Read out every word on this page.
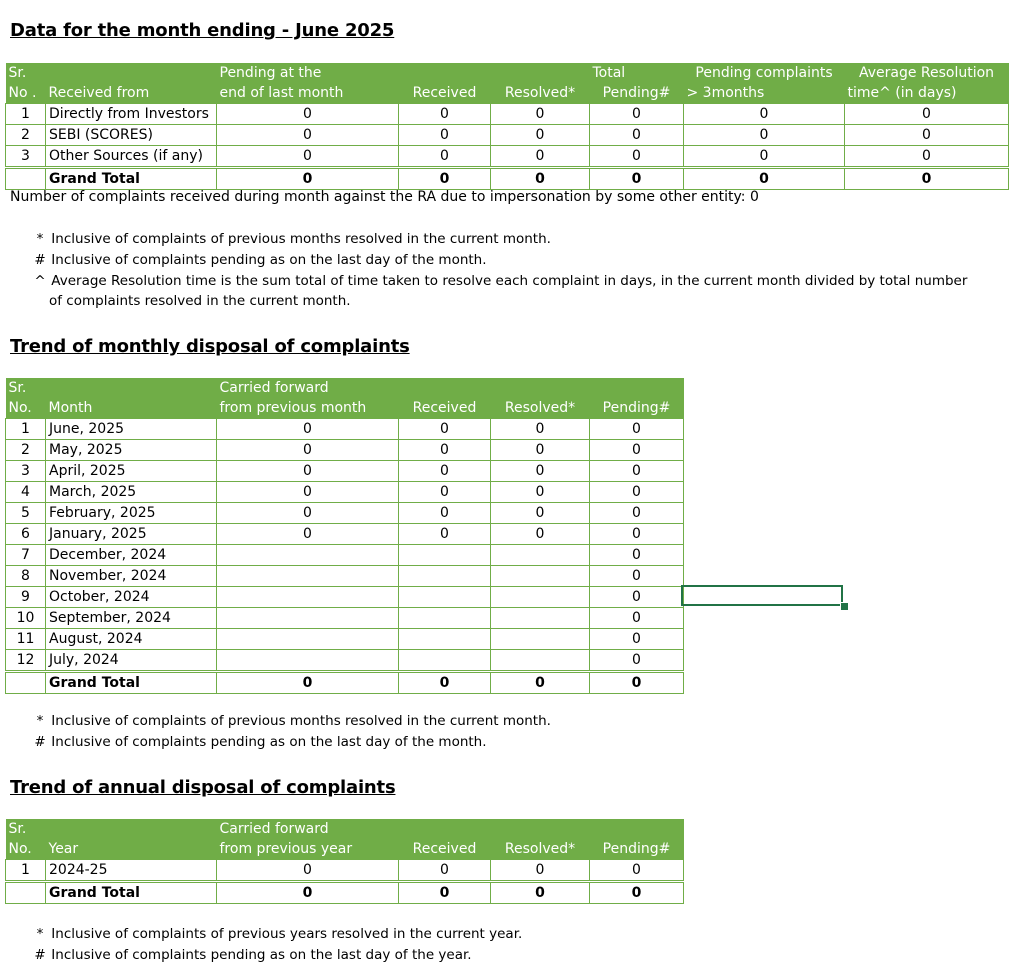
Data for the month ending - June 2025
Sr.		Pending at the			Total	Pending complaints	Average Resolution
No .	Received from	end of last month	Received	Resolved*	Pending#	> 3months	time^ (in days)
1	Directly from Investors	0	0	0	0	0	0
2	SEBI (SCORES)	0	0	0	0	0	0
3	Other Sources (if any)	0	0	0	0	0	0
	Grand Total	0	0	0	0	0	0
Number of complaints received during month against the RA due to impersonation by some other entity: 0
* Inclusive of complaints of previous months resolved in the current month.
# Inclusive of complaints pending as on the last day of the month.
^ Average Resolution time is the sum total of time taken to resolve each complaint in days, in the current month divided by total number
of complaints resolved in the current month.
Trend of monthly disposal of complaints
Sr.		Carried forward			
No.	Month	from previous month	Received	Resolved*	Pending#
1	June, 2025	0	0	0	0
2	May, 2025	0	0	0	0
3	April, 2025	0	0	0	0
4	March, 2025	0	0	0	0
5	February, 2025	0	0	0	0
6	January, 2025	0	0	0	0
7	December, 2024				0
8	November, 2024				0
9	October, 2024				0
10	September, 2024				0
11	August, 2024				0
12	July, 2024				0
	Grand Total	0	0	0	0
* Inclusive of complaints of previous months resolved in the current month.
# Inclusive of complaints pending as on the last day of the month.
Trend of annual disposal of complaints
Sr.		Carried forward			
No.	Year	from previous year	Received	Resolved*	Pending#
1	2024-25	0	0	0	0
	Grand Total	0	0	0	0
* Inclusive of complaints of previous years resolved in the current year.
# Inclusive of complaints pending as on the last day of the year.
